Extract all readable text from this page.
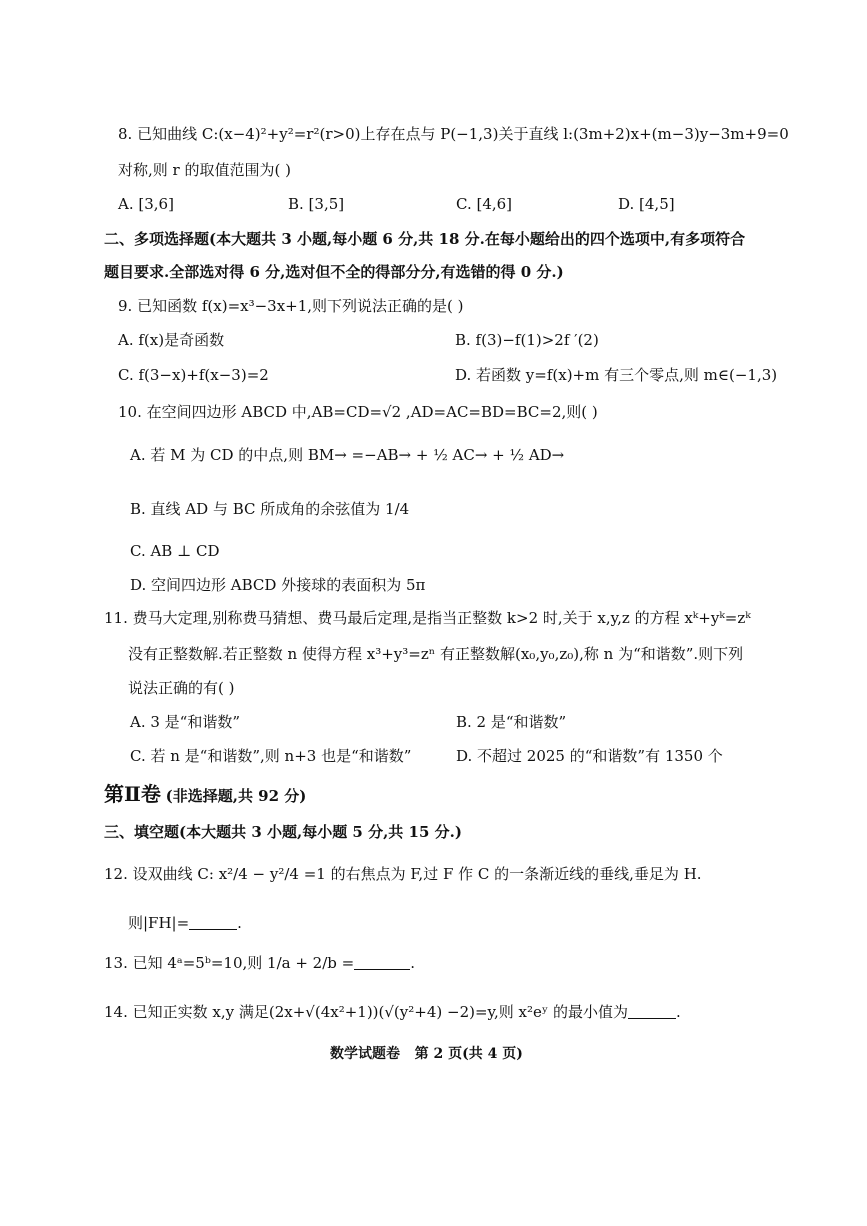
8. 已知曲线 C:(x−4)²+y²=r²(r>0)上存在点与 P(−1,3)关于直线 l:(3m+2)x+(m−3)y−3m+9=0
对称,则 r 的取值范围为( )
A. [3,6]	B. [3,5]	C. [4,6]	D. [4,5]
二、多项选择题(本大题共 3 小题,每小题 6 分,共 18 分.在每小题给出的四个选项中,有多项符合
题目要求.全部选对得 6 分,选对但不全的得部分分,有选错的得 0 分.)
9. 已知函数 f(x)=x³−3x+1,则下列说法正确的是( )
A. f(x)是奇函数	B. f(3)−f(1)>2f ′(2)
C. f(3−x)+f(x−3)=2	D. 若函数 y=f(x)+m 有三个零点,则 m∈(−1,3)
10. 在空间四边形 ABCD 中,AB=CD=√2 ,AD=AC=BD=BC=2,则( )
A. 若 M 为 CD 的中点,则 BM→ =−AB→ + ½ AC→ + ½ AD→
B. 直线 AD 与 BC 所成角的余弦值为 1/4
C. AB ⊥ CD
D. 空间四边形 ABCD 外接球的表面积为 5π
11. 费马大定理,别称费马猜想、费马最后定理,是指当正整数 k>2 时,关于 x,y,z 的方程 xᵏ+yᵏ=zᵏ
没有正整数解.若正整数 n 使得方程 x³+y³=zⁿ 有正整数解(x₀,y₀,z₀),称 n 为“和谐数”.则下列
说法正确的有( )
A. 3 是“和谐数”	B. 2 是“和谐数”
C. 若 n 是“和谐数”,则 n+3 也是“和谐数”	D. 不超过 2025 的“和谐数”有 1350 个
第Ⅱ卷 (非选择题,共 92 分)
三、填空题(本大题共 3 小题,每小题 5 分,共 15 分.)
12. 设双曲线 C: x²/4 − y²/4 =1 的右焦点为 F,过 F 作 C 的一条渐近线的垂线,垂足为 H.
则|FH|=	.
13. 已知 4ᵃ=5ᵇ=10,则 1/a + 2/b =	.
14. 已知正实数 x,y 满足(2x+√(4x²+1))(√(y²+4) −2)=y,则 x²eʸ 的最小值为	.
数学试题卷 第 2 页(共 4 页)
